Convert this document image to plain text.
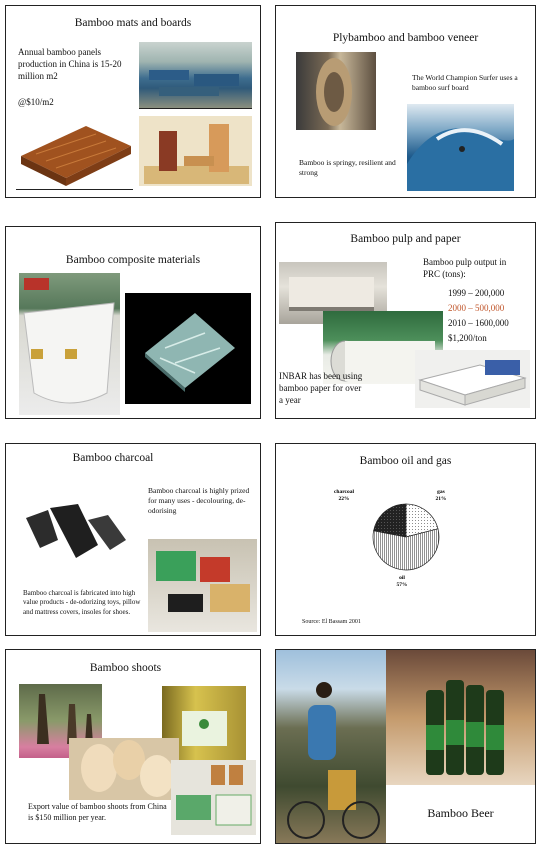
Bamboo mats and boards
Annual bamboo panels production in China is 15-20 million m2
@$10/m2
Plybamboo and bamboo veneer
The World Champion Surfer uses a bamboo surf board
Bamboo is springy, resilient and strong
Bamboo composite materials
Bamboo pulp and paper
Bamboo pulp output in PRC (tons):
1999 – 200,000
2000 – 500,000
2010 – 1600,000
$1,200/ton
INBAR has been using bamboo paper for over a year
Bamboo charcoal
Bamboo charcoal is highly prized for many uses - decolouring, de-odorising
Bamboo charcoal is fabricated into high value products - de-odorizing toys, pillow and mattress covers, insoles for shoes.
Bamboo oil and gas
charcoal
22%
gas
21%
oil
57%
Source: El Bassam 2001
Bamboo shoots
Export value of bamboo shoots from China is $150 million per year.	Bamboo Beer
